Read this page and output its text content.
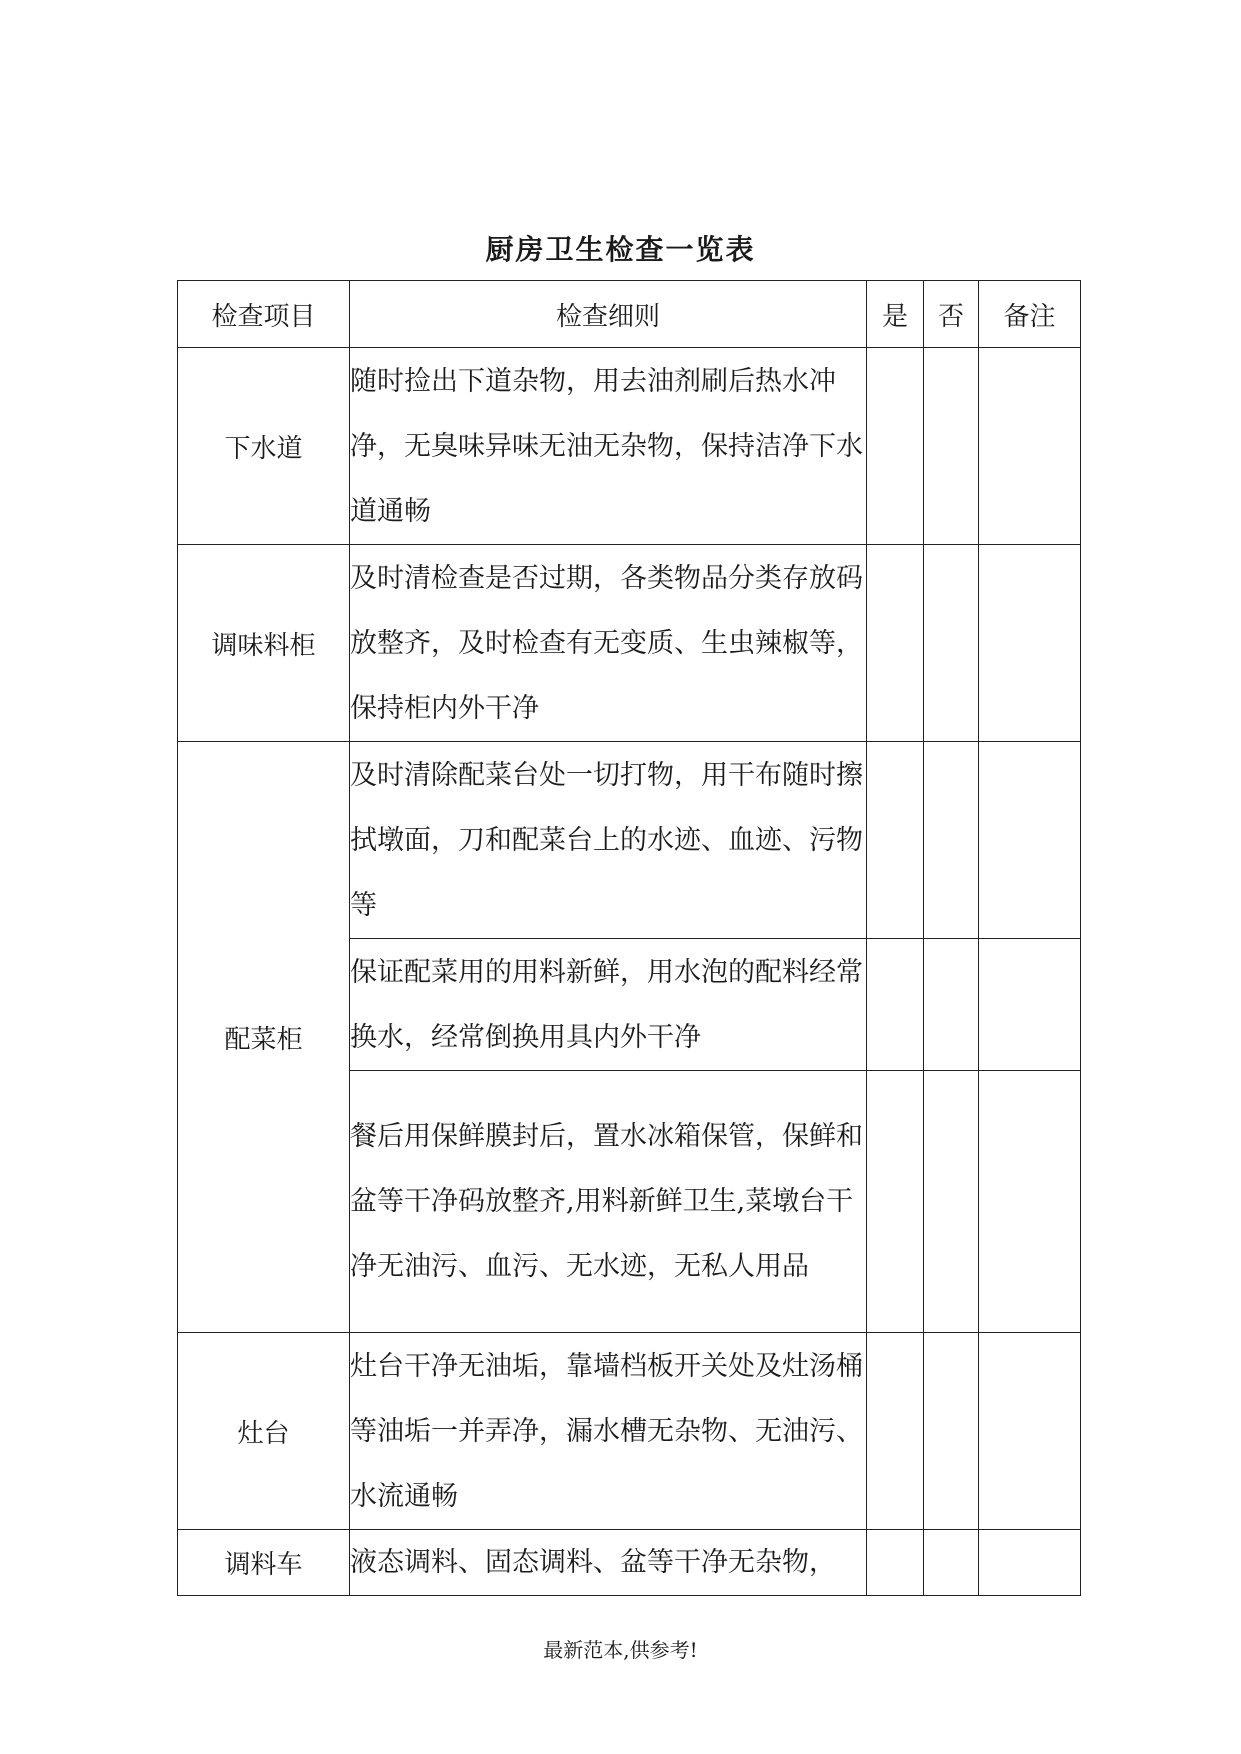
厨房卫生检查一览表
检查项目	检查细则	是	否	备注
下水道	随时捡出下道杂物，用去油剂刷后热水冲净，无臭味异味无油无杂物，保持洁净下水道通畅			
调味料柜	及时清检查是否过期，各类物品分类存放码放整齐，及时检查有无变质、生虫辣椒等，保持柜内外干净			
配菜柜	及时清除配菜台处一切打物，用干布随时擦拭墩面，刀和配菜台上的水迹、血迹、污物等			
	保证配菜用的用料新鲜，用水泡的配料经常换水，经常倒换用具内外干净			
	餐后用保鲜膜封后，置水冰箱保管，保鲜和盆等干净码放整齐,用料新鲜卫生,菜墩台干净无油污、血污、无水迹，无私人用品			
灶台	灶台干净无油垢，靠墙档板开关处及灶汤桶等油垢一并弄净，漏水槽无杂物、无油污、水流通畅			
调料车	液态调料、固态调料、盆等干净无杂物，			
最新范本,供参考!
